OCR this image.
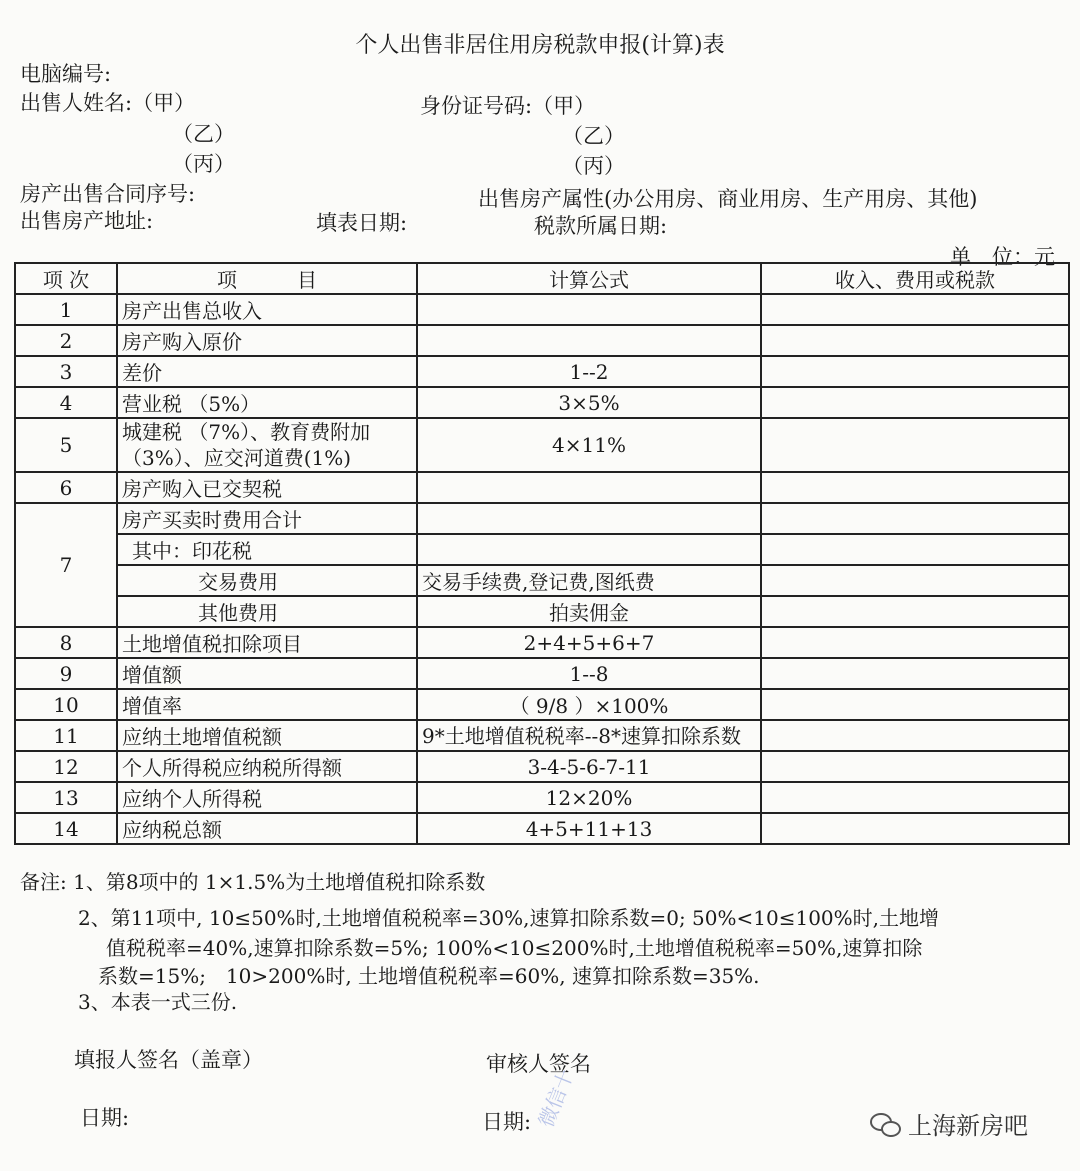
个人出售非居住用房税款申报(计算)表
电脑编号:
出售人姓名:（甲）
（乙）
（丙）
身份证号码:（甲）
（乙）
（丙）
房产出售合同序号:	出售房产属性(办公用房、商业用房、生产用房、其他)
出售房产地址:	填表日期:	税款所属日期:
单　位：元
项 次	项　　　目	计算公式	收入、费用或税款
1	房产出售总收入		
2	房产购入原价		
3	差价	1--2	
4	营业税 （5%）	3×5%	
5	城建税 （7%）、教育费附加（3%）、应交河道费(1%)	4×11%	
6	房产购入已交契税		
7	房产买卖时费用合计		
	其中：印花税		
	交易费用	交易手续费,登记费,图纸费	
	其他费用	拍卖佣金	
8	土地增值税扣除项目	2+4+5+6+7	
9	增值额	1--8	
10	增值率	（ 9/8 ）×100%	
11	应纳土地增值税额	9*土地增值税税率--8*速算扣除系数	
12	个人所得税应纳税所得额	3-4-5-6-7-11	
13	应纳个人所得税	12×20%	
14	应纳税总额	4+5+11+13	
备注: 1、第8项中的 1×1.5%为土地增值税扣除系数
2、第11项中, 10≤50%时,土地增值税税率=30%,速算扣除系数=0; 50%<10≤100%时,土地增
值税税率=40%,速算扣除系数=5%; 100%<10≤200%时,土地增值税税率=50%,速算扣除
系数=15%;　10>200%时, 土地增值税税率=60%, 速算扣除系数=35%.
3、本表一式三份.
填报人签名（盖章）	审核人签名
日期:	日期: 微信十	上海新房吧
